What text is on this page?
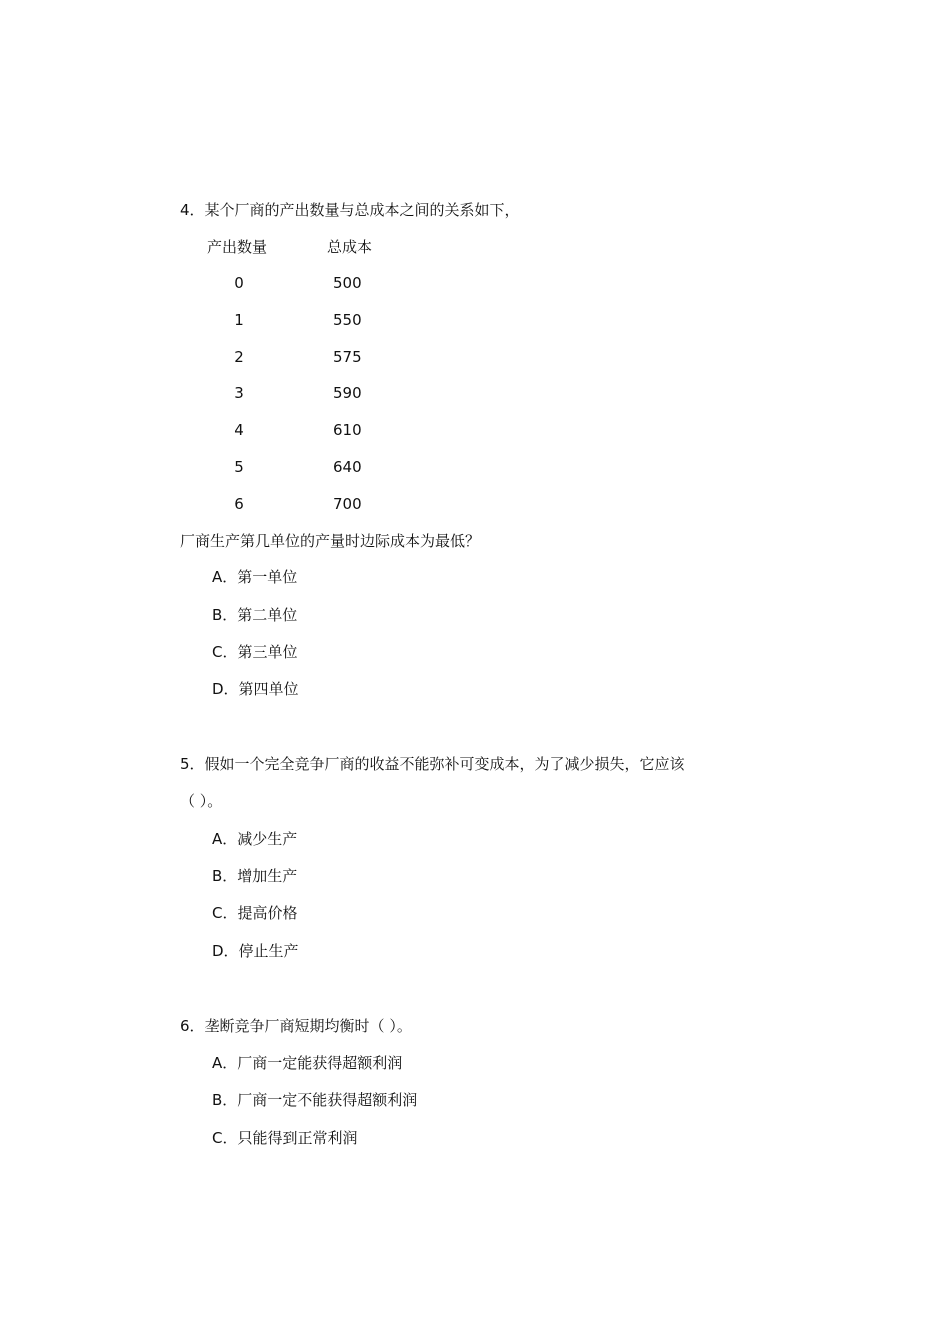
4．某个厂商的产出数量与总成本之间的关系如下，
产出数量	总成本
0	500
1	550
2	575
3	590
4	610
5	640
6	700
厂商生产第几单位的产量时边际成本为最低？
A．第一单位
B．第二单位
C．第三单位
D．第四单位
5．假如一个完全竞争厂商的收益不能弥补可变成本，为了减少损失，它应该
（ ）。
A．减少生产
B．增加生产
C．提高价格
D．停止生产
6．垄断竞争厂商短期均衡时（ ）。
A．厂商一定能获得超额利润
B．厂商一定不能获得超额利润
C．只能得到正常利润
